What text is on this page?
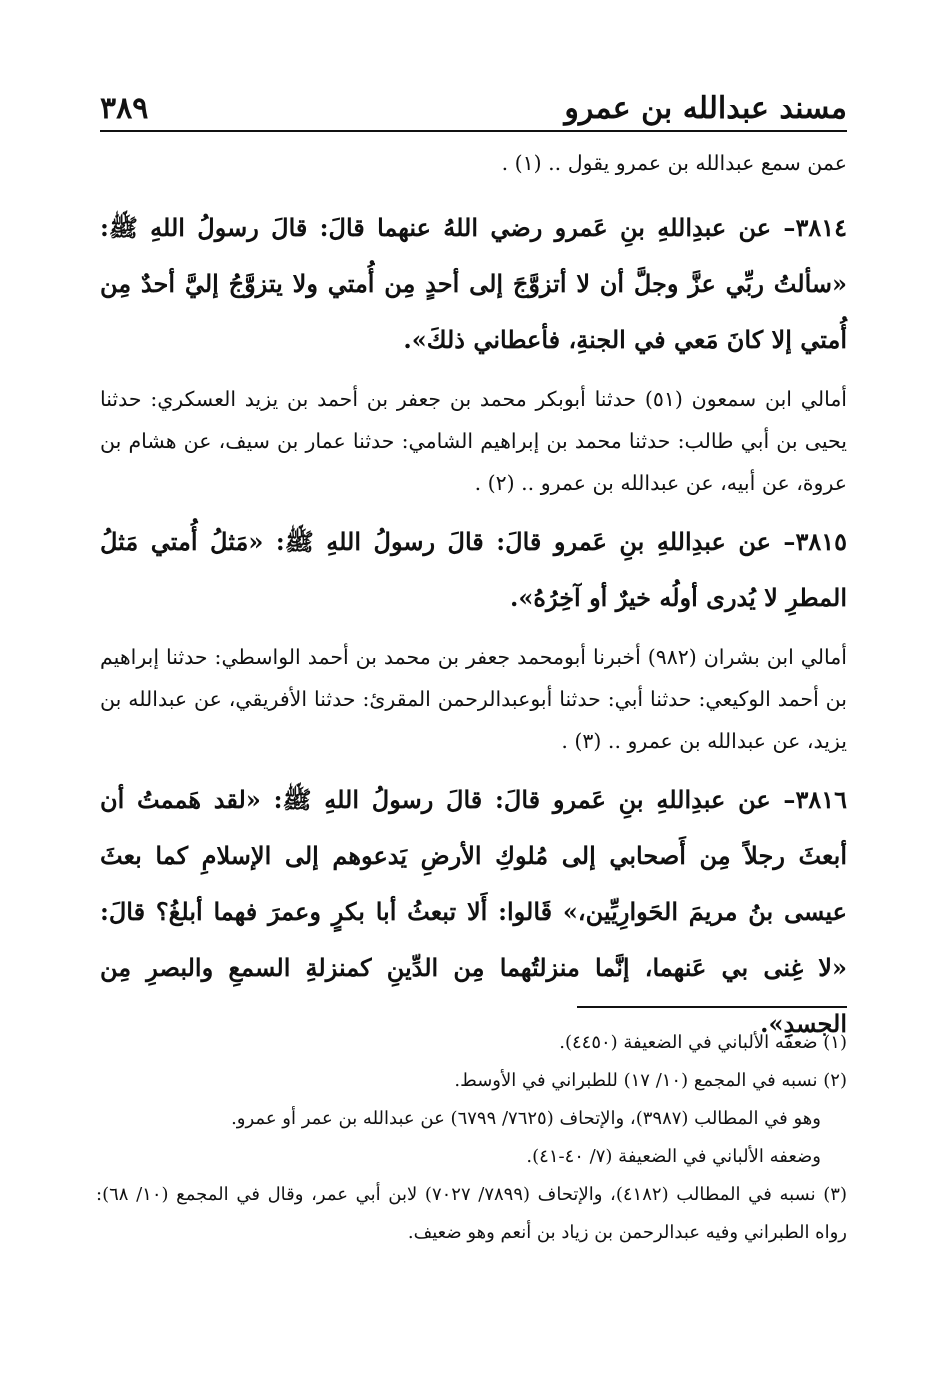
مسند عبدالله بن عمرو
٣٨٩

عمن سمع عبدالله بن عمرو يقول .. (١) .

٣٨١٤– عن عبدِاللهِ بنِ عَمرو رضي اللهُ عنهما قالَ: قالَ رسولُ اللهِ ﷺ: «سألتُ ربِّي عزَّ وجلَّ أن لا أتزوَّجَ إلى أحدٍ مِن أُمتي ولا يتزوَّجُ إليَّ أحدٌ مِن أُمتي إلا كانَ مَعي في الجنةِ، فأعطاني ذلكَ».

أمالي ابن سمعون (٥١) حدثنا أبوبكر محمد بن جعفر بن أحمد بن يزيد العسكري: حدثنا يحيى بن أبي طالب: حدثنا محمد بن إبراهيم الشامي: حدثنا عمار بن سيف، عن هشام بن عروة، عن أبيه، عن عبدالله بن عمرو .. (٢) .

٣٨١٥– عن عبدِاللهِ بنِ عَمرو قالَ: قالَ رسولُ اللهِ ﷺ: «مَثلُ أُمتي مَثلُ المطرِ لا يُدرى أولُه خيرٌ أو آخِرُهُ».

أمالي ابن بشران (٩٨٢) أخبرنا أبومحمد جعفر بن محمد بن أحمد الواسطي: حدثنا إبراهيم بن أحمد الوكيعي: حدثنا أبي: حدثنا أبوعبدالرحمن المقرئ: حدثنا الأفريقي، عن عبدالله بن يزيد، عن عبدالله بن عمرو .. (٣) .

٣٨١٦– عن عبدِاللهِ بنِ عَمرو قالَ: قالَ رسولُ اللهِ ﷺ: «لقد هَممتُ أن أبعثَ رجلاً مِن أَصحابي إلى مُلوكِ الأرضِ يَدعوهم إلى الإسلامِ كما بعثَ عيسى بنُ مريمَ الحَوارِيِّين،» قَالوا: أَلا تبعثُ أبا بكرٍ وعمرَ فهما أبلغُ؟ قالَ: «لا غِنى بي عَنهما، إنَّما منزلتُهما مِن الدِّينِ كمنزلةِ السمعِ والبصرِ مِن الجسدِ».

(١) ضعفه الألباني في الضعيفة (٤٤٥٠).

(٢) نسبه في المجمع (١٠/ ١٧) للطبراني في الأوسط.

وهو في المطالب (٣٩٨٧)، والإتحاف (٧٦٢٥/ ٦٧٩٩) عن عبدالله بن عمر أو عمرو.

وضعفه الألباني في الضعيفة (٧/ ٤٠-٤١).

(٣) نسبه في المطالب (٤١٨٢)، والإتحاف (٧٨٩٩/ ٧٠٢٧) لابن أبي عمر، وقال في المجمع (١٠/ ٦٨): رواه الطبراني وفيه عبدالرحمن بن زياد بن أنعم وهو ضعيف.
